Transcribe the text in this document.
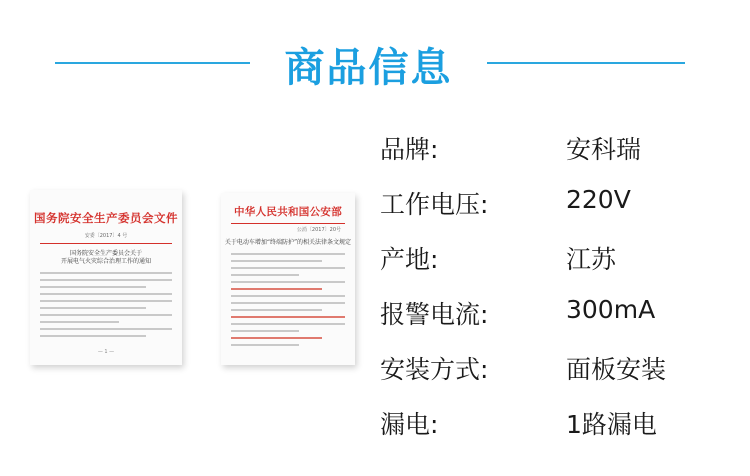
商品信息
国务院安全生产委员会文件
安委〔2017〕4 号
国务院安全生产委员会关于
开展电气火灾综合治理工作的通知
— 1 —
中华人民共和国公安部
公消〔2017〕20号
关于电动车增加“终端防护”的相关法律条文规定
品牌:	安科瑞
工作电压:	220V
产地:	江苏
报警电流:	300mA
安装方式:	面板安装
漏电:	1路漏电
